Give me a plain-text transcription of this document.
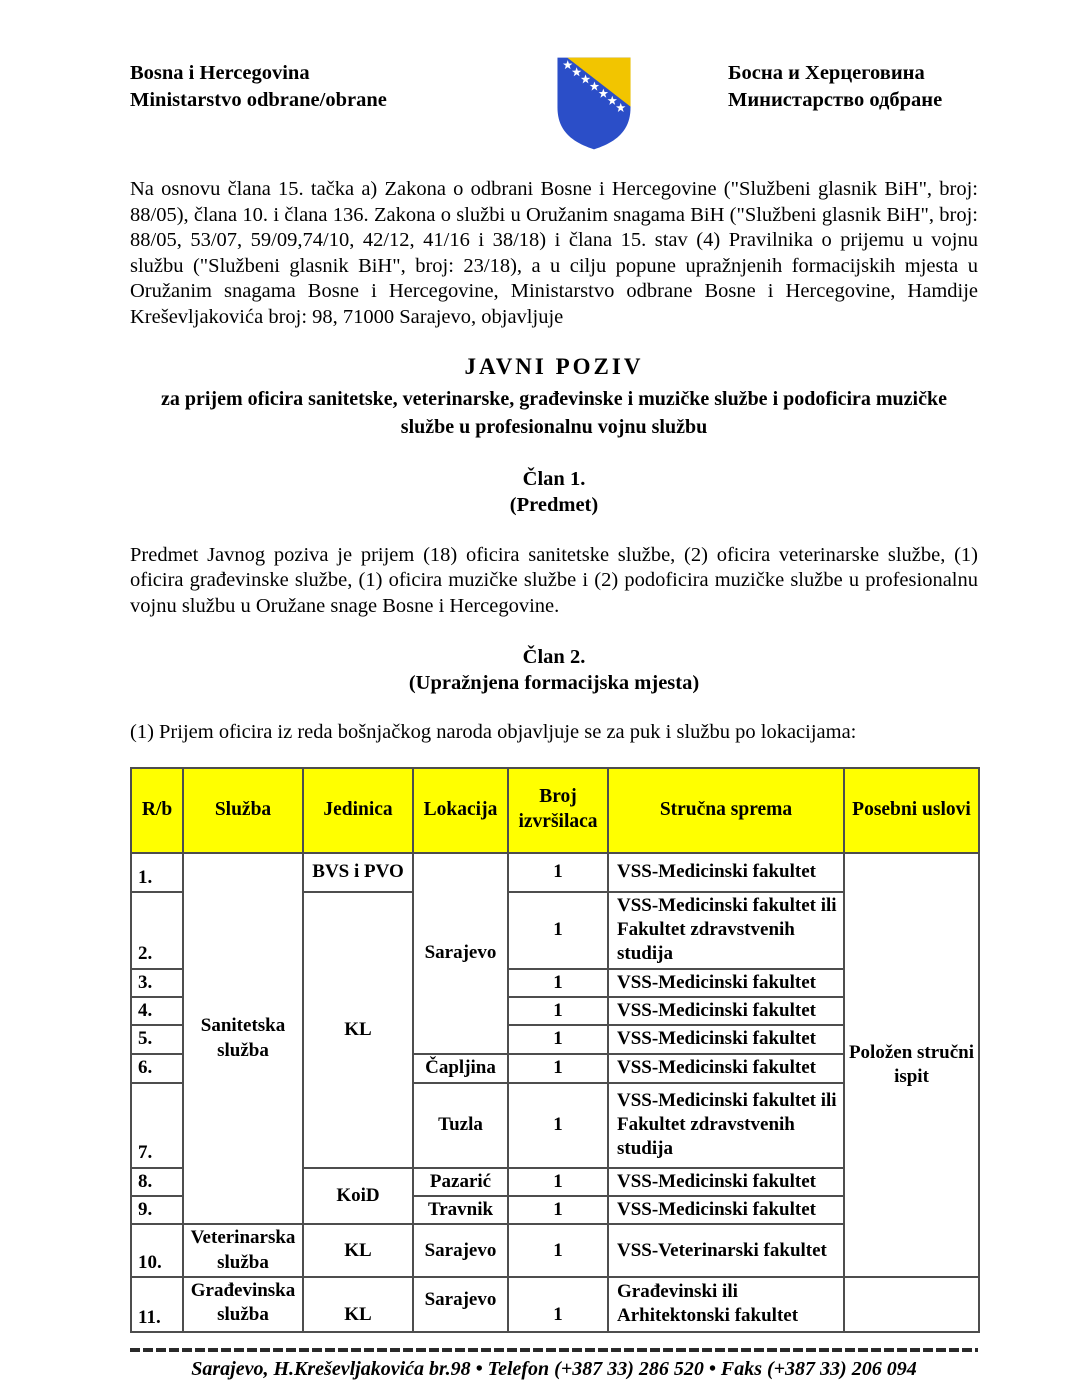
Bosna i Hercegovina
Ministarstvo odbrane/obrane
Босна и Херцеговина
Министарство одбране

Na osnovu člana 15. tačka a) Zakona o odbrani Bosne i Hercegovine ("Službeni glasnik BiH", broj: 88/05), člana 10. i člana 136. Zakona o službi u Oružanim snagama BiH ("Službeni glasnik BiH", broj: 88/05, 53/07, 59/09,74/10, 42/12, 41/16 i 38/18) i člana 15. stav (4) Pravilnika o prijemu u vojnu službu ("Službeni glasnik BiH", broj: 23/18), a u cilju popune upražnjenih formacijskih mjesta u Oružanim snagama Bosne i Hercegovine, Ministarstvo odbrane Bosne i Hercegovine, Hamdije Kreševljakovića broj: 98, 71000 Sarajevo, objavljuje

JAVNI POZIV
za prijem oficira sanitetske, veterinarske, građevinske i muzičke službe i podoficira muzičke službe u profesionalnu vojnu službu
Član 1.
(Predmet)

Predmet Javnog poziva je prijem (18) oficira sanitetske službe, (2) oficira veterinarske službe, (1) oficira građevinske službe, (1) oficira muzičke službe i (2) podoficira muzičke službe u profesionalnu vojnu službu u Oružane snage Bosne i Hercegovine.

Član 2.
(Upražnjena formacijska mjesta)

(1) Prijem oficira iz reda bošnjačkog naroda objavljuje se za puk i službu po lokacijama:

R/b	Služba	Jedinica	Lokacija	Broj izvršilaca	Stručna sprema	Posebni uslovi
1.	Sanitetska služba	BVS i PVO	Sarajevo	1	VSS-Medicinski fakultet	Položen stručni ispit
2.		KL		1	VSS-Medicinski fakultet ili Fakultet zdravstvenih studija	
3.				1	VSS-Medicinski fakultet	
4.				1	VSS-Medicinski fakultet	
5.				1	VSS-Medicinski fakultet	
6.			Čapljina	1	VSS-Medicinski fakultet	
7.			Tuzla	1	VSS-Medicinski fakultet ili Fakultet zdravstvenih studija	
8.		KoiD	Pazarić	1	VSS-Medicinski fakultet	
9.			Travnik	1	VSS-Medicinski fakultet	
10.	Veterinarska služba	KL	Sarajevo	1	VSS-Veterinarski fakultet	
11.	Građevinska služba	KL	Sarajevo	1	Građevinski ili Arhitektonski fakultet	
Sarajevo, H.Kreševljakovića br.98 • Telefon (+387 33) 286 520 • Faks (+387 33) 206 094
